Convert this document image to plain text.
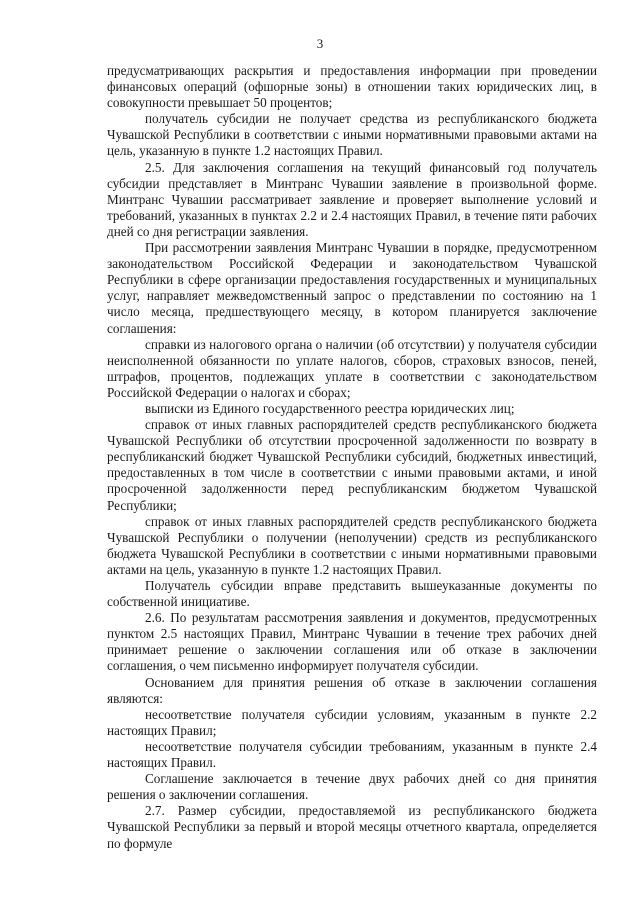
3

предусматривающих раскрытия и предоставления информации при проведении финансовых операций (офшорные зоны) в отношении таких юридических лиц, в совокупности превышает 50 процентов;

получатель субсидии не получает средства из республиканского бюджета Чувашской Республики в соответствии с иными нормативными правовыми актами на цель, указанную в пункте 1.2 настоящих Правил.

2.5. Для заключения соглашения на текущий финансовый год получатель субсидии представляет в Минтранс Чувашии заявление в произвольной форме. Минтранс Чувашии рассматривает заявление и проверяет выполнение условий и требований, указанных в пунктах 2.2 и 2.4 настоящих Правил, в течение пяти рабочих дней со дня регистрации заявления.

При рассмотрении заявления Минтранс Чувашии в порядке, предусмотренном законодательством Российской Федерации и законодательством Чувашской Республики в сфере организации предоставления государственных и муниципальных услуг, направляет межведомственный запрос о представлении по состоянию на 1 число месяца, предшествующего месяцу, в котором планируется заключение соглашения:

справки из налогового органа о наличии (об отсутствии) у получателя субсидии неисполненной обязанности по уплате налогов, сборов, страховых взносов, пеней, штрафов, процентов, подлежащих уплате в соответствии с законодательством Российской Федерации о налогах и сборах;

выписки из Единого государственного реестра юридических лиц;

справок от иных главных распорядителей средств республиканского бюджета Чувашской Республики об отсутствии просроченной задолженности по возврату в республиканский бюджет Чувашской Республики субсидий, бюджетных инвестиций, предоставленных в том числе в соответствии с иными правовыми актами, и иной просроченной задолженности перед республиканским бюджетом Чувашской Республики;

справок от иных главных распорядителей средств республиканского бюджета Чувашской Республики о получении (неполучении) средств из республиканского бюджета Чувашской Республики в соответствии с иными нормативными правовыми актами на цель, указанную в пункте 1.2 настоящих Правил.

Получатель субсидии вправе представить вышеуказанные документы по собственной инициативе.

2.6. По результатам рассмотрения заявления и документов, предусмотренных пунктом 2.5 настоящих Правил, Минтранс Чувашии в течение трех рабочих дней принимает решение о заключении соглашения или об отказе в заключении соглашения, о чем письменно информирует получателя субсидии.

Основанием для принятия решения об отказе в заключении соглашения являются:

несоответствие получателя субсидии условиям, указанным в пункте 2.2 настоящих Правил;

несоответствие получателя субсидии требованиям, указанным в пункте 2.4 настоящих Правил.

Соглашение заключается в течение двух рабочих дней со дня принятия решения о заключении соглашения.

2.7. Размер субсидии, предоставляемой из республиканского бюджета Чувашской Республики за первый и второй месяцы отчетного квартала, определяется по формуле
